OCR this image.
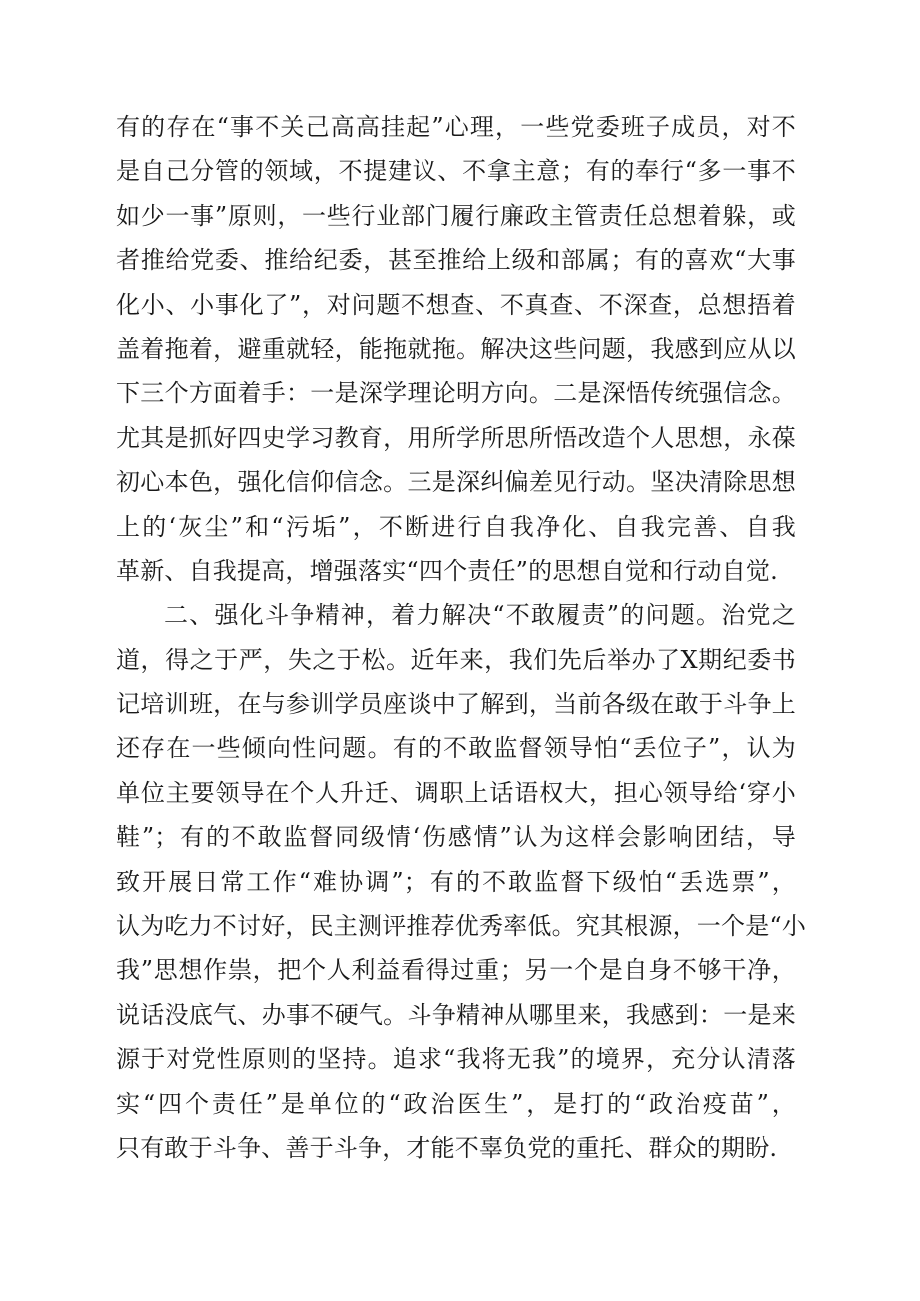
有的存在“事不关己高高挂起”心理，一些党委班子成员，对不
是自己分管的领域，不提建议、不拿主意；有的奉行“多一事不
如少一事”原则，一些行业部门履行廉政主管责任总想着躲，或
者推给党委、推给纪委，甚至推给上级和部属；有的喜欢“大事
化小、小事化了”，对问题不想查、不真查、不深查，总想捂着
盖着拖着，避重就轻，能拖就拖。解决这些问题，我感到应从以
下三个方面着手：一是深学理论明方向。二是深悟传统强信念。
尤其是抓好四史学习教育，用所学所思所悟改造个人思想，永葆
初心本色，强化信仰信念。三是深纠偏差见行动。坚决清除思想
上的‘灰尘”和“污垢”，不断进行自我净化、自我完善、自我
革新、自我提高，增强落实“四个责任”的思想自觉和行动自觉.
二、强化斗争精神，着力解决“不敢履责”的问题。治党之
道，得之于严，失之于松。近年来，我们先后举办了X期纪委书
记培训班，在与参训学员座谈中了解到，当前各级在敢于斗争上
还存在一些倾向性问题。有的不敢监督领导怕“丢位子”，认为
单位主要领导在个人升迁、调职上话语权大，担心领导给‘穿小
鞋”；有的不敢监督同级情‘伤感情”认为这样会影响团结，导
致开展日常工作“难协调”；有的不敢监督下级怕“丢选票”，
认为吃力不讨好，民主测评推荐优秀率低。究其根源，一个是“小
我”思想作祟，把个人利益看得过重；另一个是自身不够干净，
说话没底气、办事不硬气。斗争精神从哪里来，我感到：一是来
源于对党性原则的坚持。追求“我将无我”的境界，充分认清落
实“四个责任”是单位的“政治医生”，是打的“政治疫苗”，
只有敢于斗争、善于斗争，才能不辜负党的重托、群众的期盼.
